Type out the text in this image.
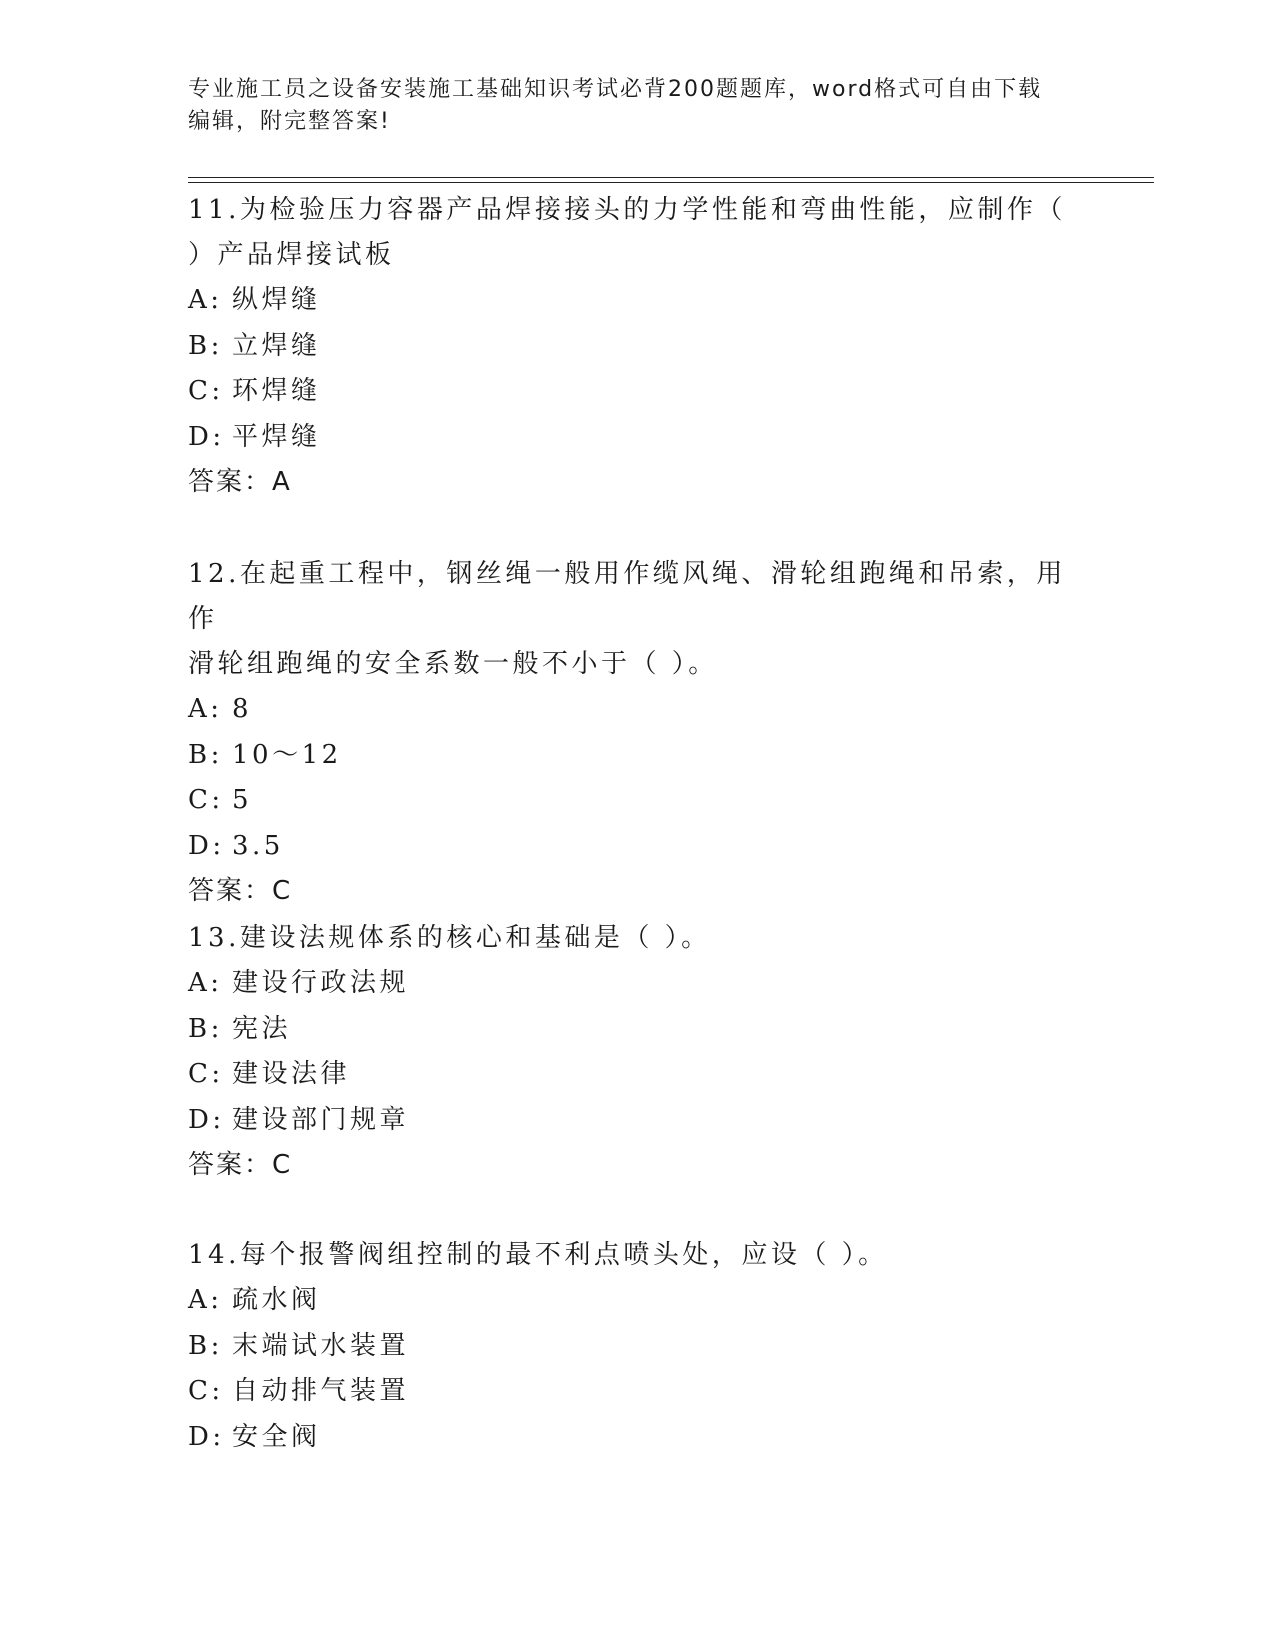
专业施工员之设备安装施工基础知识考试必背200题题库，word格式可自由下载
编辑，附完整答案!

11.为检验压力容器产品焊接接头的力学性能和弯曲性能，应制作（
）产品焊接试板

A: 纵焊缝

B: 立焊缝

C: 环焊缝

D: 平焊缝

答案：A

12.在起重工程中，钢丝绳一般用作缆风绳、滑轮组跑绳和吊索，用作
滑轮组跑绳的安全系数一般不小于（ ）。

A: 8

B: 10～12

C: 5

D: 3.5

答案：C

13.建设法规体系的核心和基础是（ ）。

A: 建设行政法规

B: 宪法

C: 建设法律

D: 建设部门规章

答案：C

14.每个报警阀组控制的最不利点喷头处，应设（ ）。

A: 疏水阀

B: 末端试水装置

C: 自动排气装置

D: 安全阀
